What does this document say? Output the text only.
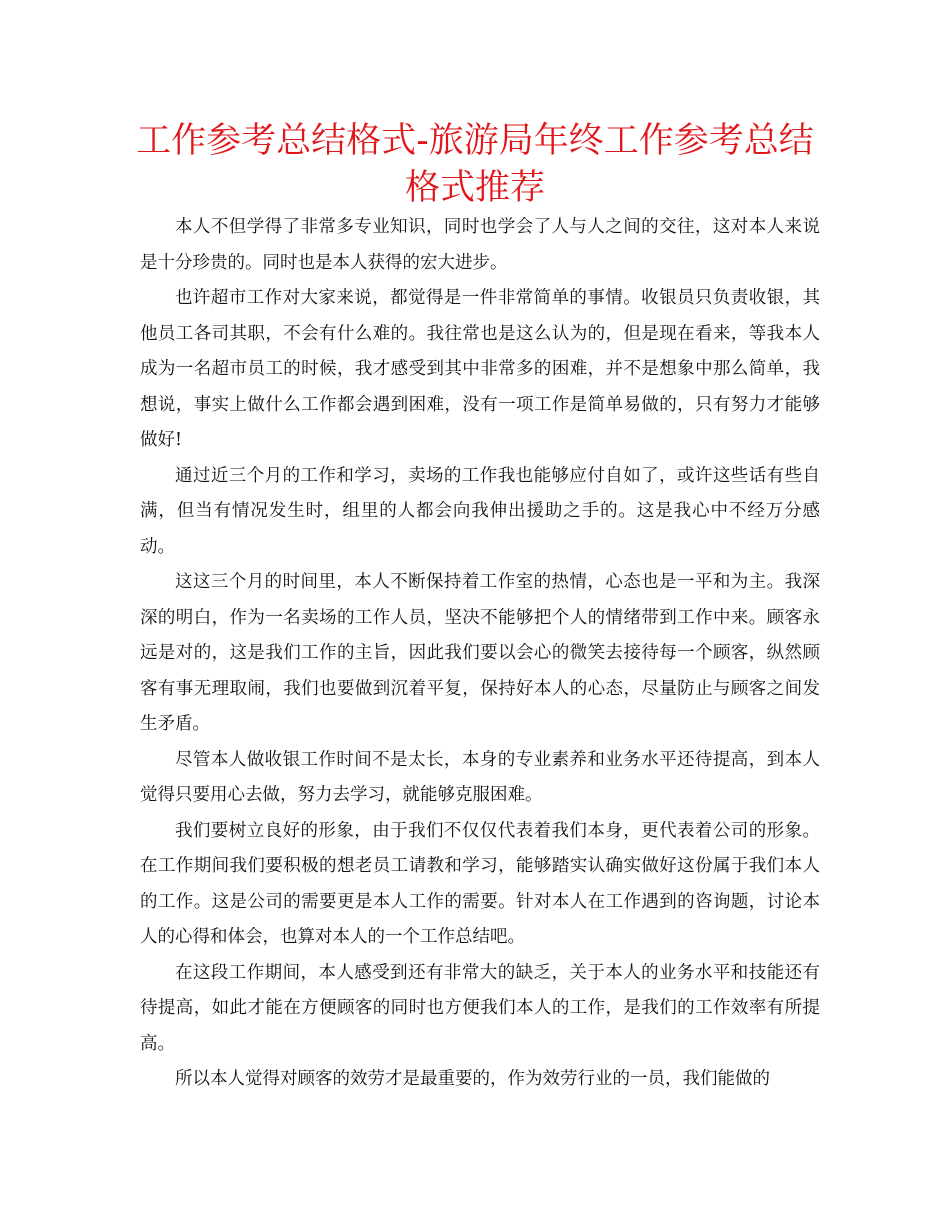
工作参考总结格式-旅游局年终工作参考总结格式推荐

本人不但学得了非常多专业知识，同时也学会了人与人之间的交往，这对本人来说是十分珍贵的。同时也是本人获得的宏大进步。

也许超市工作对大家来说，都觉得是一件非常简单的事情。收银员只负责收银，其他员工各司其职，不会有什么难的。我往常也是这么认为的，但是现在看来，等我本人成为一名超市员工的时候，我才感受到其中非常多的困难，并不是想象中那么简单，我想说，事实上做什么工作都会遇到困难，没有一项工作是简单易做的，只有努力才能够做好!

通过近三个月的工作和学习，卖场的工作我也能够应付自如了，或许这些话有些自满，但当有情况发生时，组里的人都会向我伸出援助之手的。这是我心中不经万分感动。

这这三个月的时间里，本人不断保持着工作室的热情，心态也是一平和为主。我深深的明白，作为一名卖场的工作人员，坚决不能够把个人的情绪带到工作中来。顾客永远是对的，这是我们工作的主旨，因此我们要以会心的微笑去接待每一个顾客，纵然顾客有事无理取闹，我们也要做到沉着平复，保持好本人的心态，尽量防止与顾客之间发生矛盾。

尽管本人做收银工作时间不是太长，本身的专业素养和业务水平还待提高，到本人觉得只要用心去做，努力去学习，就能够克服困难。

我们要树立良好的形象，由于我们不仅仅代表着我们本身，更代表着公司的形象。在工作期间我们要积极的想老员工请教和学习，能够踏实认确实做好这份属于我们本人的工作。这是公司的需要更是本人工作的需要。针对本人在工作遇到的咨询题，讨论本人的心得和体会，也算对本人的一个工作总结吧。

在这段工作期间，本人感受到还有非常大的缺乏，关于本人的业务水平和技能还有待提高，如此才能在方便顾客的同时也方便我们本人的工作，是我们的工作效率有所提高。

所以本人觉得对顾客的效劳才是最重要的，作为效劳行业的一员，我们能做的
